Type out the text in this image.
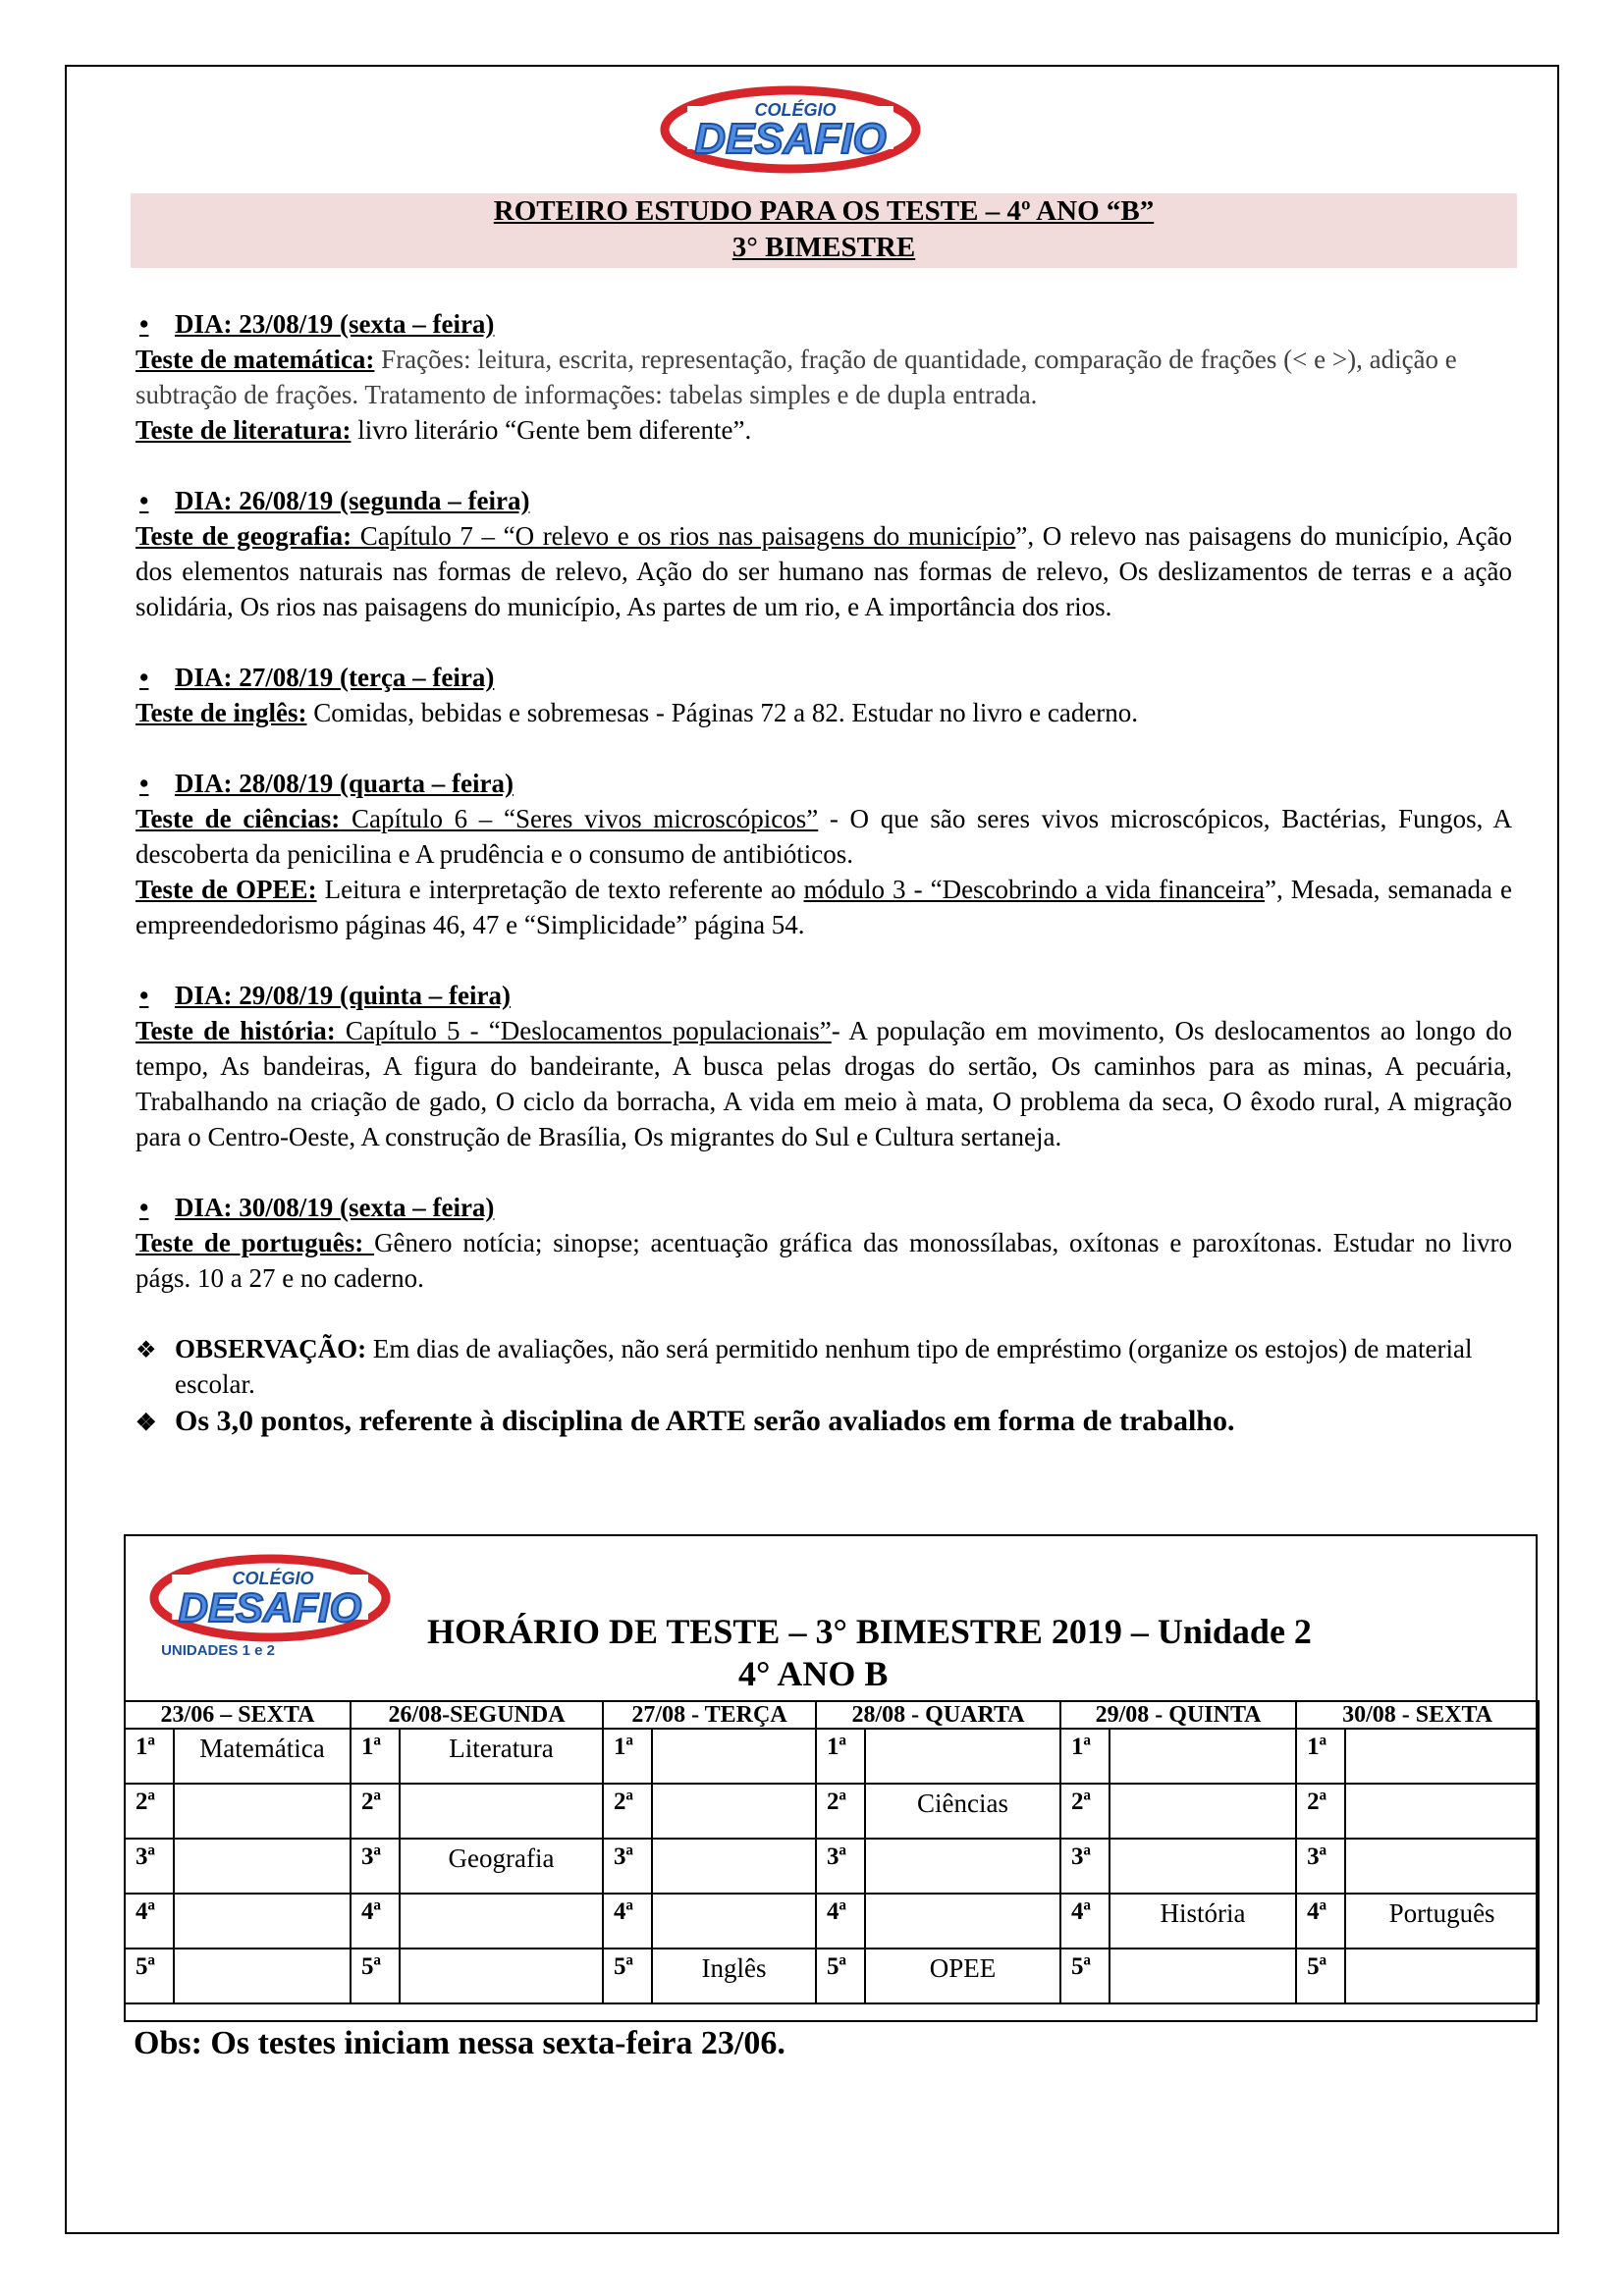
COLÉGIO
DESAFIO
ROTEIRO ESTUDO PARA OS TESTE – 4º ANO “B”
3° BIMESTRE
• DIA: 23/08/19 (sexta – feira)
Teste de matemática: Frações: leitura, escrita, representação, fração de quantidade, comparação de frações (< e >), adição e subtração de frações. Tratamento de informações: tabelas simples e de dupla entrada.
Teste de literatura: livro literário “Gente bem diferente”.
• DIA: 26/08/19 (segunda – feira)
Teste de geografia: Capítulo 7 – “O relevo e os rios nas paisagens do município”, O relevo nas paisagens do município, Ação dos elementos naturais nas formas de relevo, Ação do ser humano nas formas de relevo, Os deslizamentos de terras e a ação solidária, Os rios nas paisagens do município, As partes de um rio, e A importância dos rios.
• DIA: 27/08/19 (terça – feira)
Teste de inglês: Comidas, bebidas e sobremesas - Páginas 72 a 82. Estudar no livro e caderno.
• DIA: 28/08/19 (quarta – feira)
Teste de ciências: Capítulo 6 – “Seres vivos microscópicos” - O que são seres vivos microscópicos, Bactérias, Fungos, A descoberta da penicilina e A prudência e o consumo de antibióticos.
Teste de OPEE: Leitura e interpretação de texto referente ao módulo 3 - “Descobrindo a vida financeira”, Mesada, semanada e empreendedorismo páginas 46, 47 e “Simplicidade” página 54.
• DIA: 29/08/19 (quinta – feira)
Teste de história: Capítulo 5 - “Deslocamentos populacionais”- A população em movimento, Os deslocamentos ao longo do tempo, As bandeiras, A figura do bandeirante, A busca pelas drogas do sertão, Os caminhos para as minas, A pecuária, Trabalhando na criação de gado, O ciclo da borracha, A vida em meio à mata, O problema da seca, O êxodo rural, A migração para o Centro-Oeste, A construção de Brasília, Os migrantes do Sul e Cultura sertaneja.
• DIA: 30/08/19 (sexta – feira)
Teste de português: Gênero notícia; sinopse; acentuação gráfica das monossílabas, oxítonas e paroxítonas. Estudar no livro págs. 10 a 27 e no caderno.
❖ OBSERVAÇÃO: Em dias de avaliações, não será permitido nenhum tipo de empréstimo (organize os estojos) de material escolar.
❖ Os 3,0 pontos, referente à disciplina de ARTE serão avaliados em forma de trabalho.
COLÉGIO
DESAFIO
UNIDADES 1 e 2	HORÁRIO DE TESTE – 3° BIMESTRE 2019 – Unidade 2
4° ANO B
23/06 – SEXTA		26/08-SEGUNDA		27/08 - TERÇA		28/08 - QUARTA		29/08 - QUINTA		30/08 - SEXTA	
1ª	Matemática	1ª	Literatura	1ª		1ª		1ª		1ª	
2ª		2ª		2ª		2ª	Ciências	2ª		2ª	
3ª		3ª	Geografia	3ª		3ª		3ª		3ª	
4ª		4ª		4ª		4ª		4ª	História	4ª	Português
5ª		5ª		5ª	Inglês	5ª	OPEE	5ª		5ª	
Obs: Os testes iniciam nessa sexta-feira 23/06.
